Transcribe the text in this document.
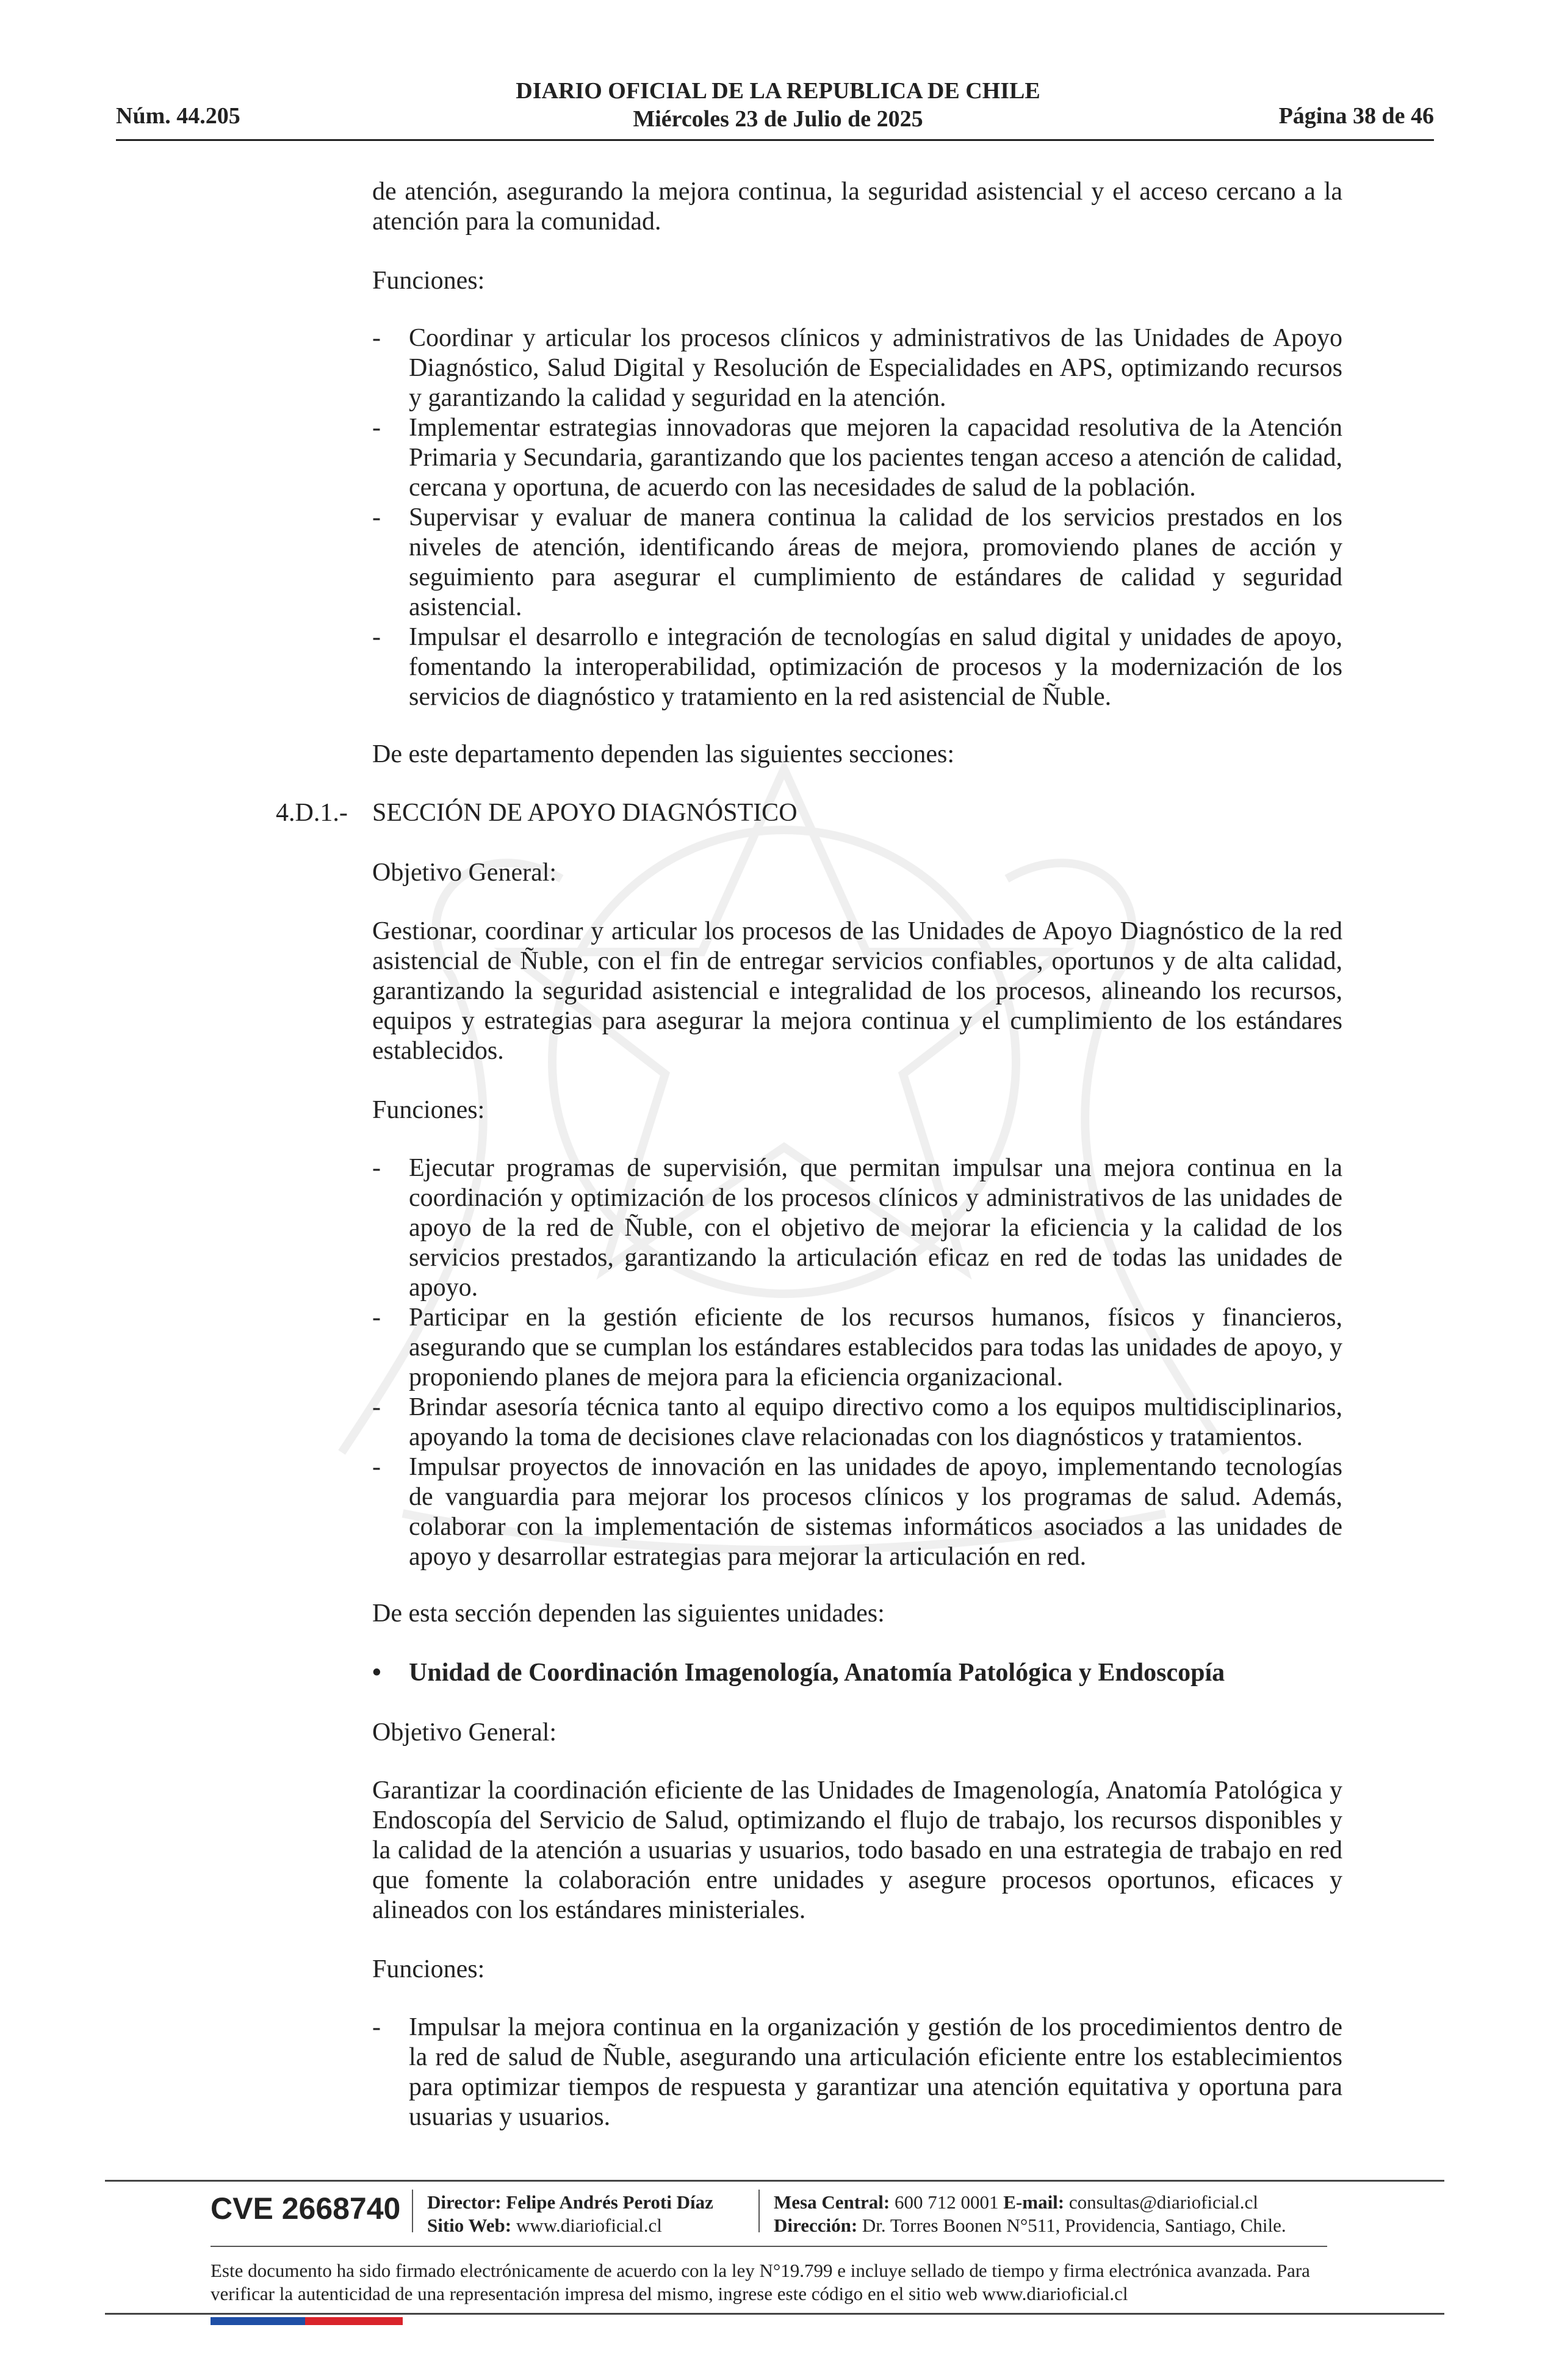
Núm. 44.205
DIARIO OFICIAL DE LA REPUBLICA DE CHILE
Miércoles 23 de Julio de 2025	Página 38 de 46
de atención, asegurando la mejora continua, la seguridad asistencial y el acceso cercano a la atención para la comunidad.
Funciones:
- Coordinar y articular los procesos clínicos y administrativos de las Unidades de Apoyo Diagnóstico, Salud Digital y Resolución de Especialidades en APS, optimizando recursos y garantizando la calidad y seguridad en la atención.
- Implementar estrategias innovadoras que mejoren la capacidad resolutiva de la Atención Primaria y Secundaria, garantizando que los pacientes tengan acceso a atención de calidad, cercana y oportuna, de acuerdo con las necesidades de salud de la población.
- Supervisar y evaluar de manera continua la calidad de los servicios prestados en los niveles de atención, identificando áreas de mejora, promoviendo planes de acción y seguimiento para asegurar el cumplimiento de estándares de calidad y seguridad asistencial.
- Impulsar el desarrollo e integración de tecnologías en salud digital y unidades de apoyo, fomentando la interoperabilidad, optimización de procesos y la modernización de los servicios de diagnóstico y tratamiento en la red asistencial de Ñuble.
De este departamento dependen las siguientes secciones:
4.D.1.- SECCIÓN DE APOYO DIAGNÓSTICO
Objetivo General:
Gestionar, coordinar y articular los procesos de las Unidades de Apoyo Diagnóstico de la red asistencial de Ñuble, con el fin de entregar servicios confiables, oportunos y de alta calidad, garantizando la seguridad asistencial e integralidad de los procesos, alineando los recursos, equipos y estrategias para asegurar la mejora continua y el cumplimiento de los estándares establecidos.
Funciones:
- Ejecutar programas de supervisión, que permitan impulsar una mejora continua en la coordinación y optimización de los procesos clínicos y administrativos de las unidades de apoyo de la red de Ñuble, con el objetivo de mejorar la eficiencia y la calidad de los servicios prestados, garantizando la articulación eficaz en red de todas las unidades de apoyo.
- Participar en la gestión eficiente de los recursos humanos, físicos y financieros, asegurando que se cumplan los estándares establecidos para todas las unidades de apoyo, y proponiendo planes de mejora para la eficiencia organizacional.
- Brindar asesoría técnica tanto al equipo directivo como a los equipos multidisciplinarios, apoyando la toma de decisiones clave relacionadas con los diagnósticos y tratamientos.
- Impulsar proyectos de innovación en las unidades de apoyo, implementando tecnologías de vanguardia para mejorar los procesos clínicos y los programas de salud. Además, colaborar con la implementación de sistemas informáticos asociados a las unidades de apoyo y desarrollar estrategias para mejorar la articulación en red.
De esta sección dependen las siguientes unidades:
• Unidad de Coordinación Imagenología, Anatomía Patológica y Endoscopía
Objetivo General:
Garantizar la coordinación eficiente de las Unidades de Imagenología, Anatomía Patológica y Endoscopía del Servicio de Salud, optimizando el flujo de trabajo, los recursos disponibles y la calidad de la atención a usuarias y usuarios, todo basado en una estrategia de trabajo en red que fomente la colaboración entre unidades y asegure procesos oportunos, eficaces y alineados con los estándares ministeriales.
Funciones:
- Impulsar la mejora continua en la organización y gestión de los procedimientos dentro de la red de salud de Ñuble, asegurando una articulación eficiente entre los establecimientos para optimizar tiempos de respuesta y garantizar una atención equitativa y oportuna para usuarias y usuarios.
CVE 2668740 Director: Felipe Andrés Peroti Díaz
Sitio Web: www.diarioficial.cl
Mesa Central: 600 712 0001 E-mail: consultas@diarioficial.cl
Dirección: Dr. Torres Boonen N°511, Providencia, Santiago, Chile.
Este documento ha sido firmado electrónicamente de acuerdo con la ley N°19.799 e incluye sellado de tiempo y firma electrónica avanzada. Para verificar la autenticidad de una representación impresa del mismo, ingrese este código en el sitio web www.diarioficial.cl
